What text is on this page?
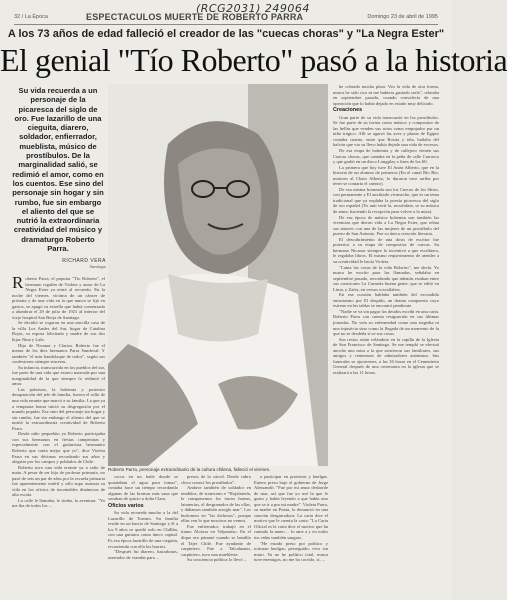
(RCG2031) 249064
32 / La Época	ESPECTACULOS MUERTE DE ROBERTO PARRA	Domingo 23 de abril de 1995
A los 73 años de edad falleció el creador de las "cuecas choras" y "La Negra Ester"
El genial "Tío Roberto" pasó a la historia
Su vida recuerda a un personaje de la picaresca del siglo de oro. Fue lazarillo de una cieguita, diarero, soldador, enfierrador, mueblista, músico de prostíbulos. De la marginalidad salió, se redimió el amor, como en los cuentos. Ese sino del personaje sin hogar y sin rumbo, fue sin embargo el aliento del que se nutrió la extraordinaria creatividad del músico y dramaturgo Roberto Parra.
RICHARD VERA
Santiago

Roberto Parra, el popular "Tío Roberto", el hermano regalón de Violeta y autor de La Negra Ester ya entró al recuerdo. En la noche del viernes, víctima de un cáncer de próstata y de una vida en la que nunca se fijó en gastos, se apagó su estrella que había comenzado a alumbrar el 29 de julio de 1921 al interior del viejo hospital San Borja de Santiago.

Se decidió se rogaron en una sencilla casa de la villa Los Andes del Sur, hogar de Catalina Rojas, su esposa felicitada y madre de sus dos hijas Nina y Lala.

Hijo de Nicanor y Clarisa, Roberto fue el menor de los diez hermanos Parra Sandoval. Y también "el más bandolaque de todos", según sus confesiones siempre sinceras.

Su infancia, transcurrida en los pueblos del sur, fue parte de una vida que estuvo marcada por una marginalidad de la que siempre lo redimió el amor.

Las pobrezas, la bohemia y posterior desaparición del jefe de familia, fueron el sello de una vida errante que marcó a su familia. La que ya a temprana honra inició su disgregación por el mundo popular. Ese sino del personaje sin hogar y sin rumbo, fue sin embargo el aliento del que se nutrió la extraordinaria creatividad de Roberto Parra.

Desde niño pequeñito ya Roberto participaba con sus hermanos en fiestas campesinas y especialmente con el guitarrista hermanito Roberto que canta mejor que yo", dice Violeta Parra en sus décimas recordando sus años y alegrías por los campos y poblados de Chile.

Roberto tuvo una vida errante ya a salto de mata. A pesar de ser hijo de profesor primario, no pasó de seis un par de años por la escuela primaria fue aparentemente estéril y sólo supo avanzar su vida en los oficios de incontables dinámicas de alta escala.

La calle le llamaba, le tiraba, la aventura. "Yo me iba de todos los ...

Roberto Parra, personaje extraordinario de la cultura chilena, falleció el viernes.

cocos en un baile donde se quardaban el agua para tomar", contaba hace un tiempo recordando algunas de las bromas más sana que sacaban de quicio a doña Clara.

Oficios varios

Su vida recuerda mucho a la del Lazarillo de Tormes. Su familia reside en un barrio de Santiago y él a los 9 años se quedó solo en Chillán, con una guitarra como único capital. Es esa época lazarillo de una cieguita, recorriendo con ella los barrios.

"Después fui diarero, lustrabotas, aserrador de viandas para ...

presos de la cárcel. Desde cabro chico conocí los prostíbulos".

Anduve también de soldador en tendidos, de tranviario e "Hojalatería, le componemos los tarros bateas, latonerías, el desgranador de las ollas, y dábamos también arreglo mar". Los burloneos en "las dichosas", porque ellas ven lo que nosotros no vemos.

Fue enfierrador, trabajó en el tramo Alcázar en Valparaíso. En el dique era páramó cuando se bandilo el Tajer Chile. Fue ayudante de carpintero. Fue a Talcahuano, carpintero, tuvo una muebleria.

Su conciencia política lo llevó ...

a participar en protestas y huelgas. Entero preso bajo el gobierno de Jorge Alessandri. "Fue por mi amor desborde de mar, así que fue yo usé la que le gusto y había leyendo a que había uno que se ir a por mi madre". Violeta Parra, su madre en Punta, lo denunció en una canción desgarradora: La carta dice el motivo que le cuenta la carta: "La Carta Oficial es la carta dice el motivo que ha cantado la mano ... lo ame a y en todos tus vidas también sangras.

"He estado preso por político y torturan huelgas, perseguido; vivo sin muro. Ya no he político total, nunca tuve enemigos, no me ha corrido, sí, ...

he cobrado mucha plata. Veo la vida de otra forma, nunca he sido rico ni me hubiera gustado serlo", relataba en septiembre pasado, cuando convalecía de una operación que lo había dejado en estado muy delicado.

Creaciones

Gran parte de su vida transcurrió en los prostíbulos. Se fue parte de su forma como músico y compositor de las bellas que venden sus actos como empujador por un niño trágico. Allí se agarró las aves y plazas de Egipto contaba cuanto, entre que Rosita y tela, bailaba del balcón que vio su llevo había dejado una vida de excesos.

De esa etapa de bohemia y de callejero vienen sus Cuecas choras, que cantaba en la peña de calle Carrasco y que grabó en un disco Longplay a fines de los 60.

La primera que hoy tuve El Anón Alberto, que en la historia de un alumno de primeros (En el canal Río Río, motores al Chato Alberto, lo duraron tuve arriba por tener se contaría el cuento).

De esa misma horneada son los Cuecas de los Sítios, con permanente y El auxiliado vivanacho, que es un tema tradicional que ya explaba la poesía picaresca del siglo de oro español (Yo anti vertí la, recuérdate, se su música de amor, haciendo la recepción para volver a la misa).

De esa época de música bohemia son también las vivencias que dieron vida a La Negra Ester, que relata sus amores con una de las mujeres de un prostíbulo del puerto de San Antonio. Fue su única creación literaria.

El descubrimiento de una dosis de escritor fue posterior a su etapa de compositor de cuecas. Su hermano Nicanor siempre lo incentivó a que escribiera, le regalaba libros. El mismo requerimiento de atender a su creatividad le hacía Violeta.

"Canta las cosas de la vida Roberto", me decía. Yo nunca he escrito para las llamadas, señalaba en septiembre pasado, recordando que además estaban entre sus creaciones La Carmela buena gente, que se editó en Lima, y Zafra, en versos octosílabos.

En esa ocasión hablaba también del escondido entusiasmo por El despido, un drama compuesto cuyo estreno en las tablas se encontró pendiente.

"Nadie se va sin pagar los deudos escribí en una carta. Roberto Parra con cuenta resignación en sus últimas jornadas. No veía su enfermedad como una tragedia ni una injusticia sino como la llegada de un momento de la que no se desdeña si se sus cosas.

Sus restos están velándose en la capilla de la Iglesia de San Francisco de Santiago. Se me templó se efectuó anoche una misa a la que asistieron sus familiares, sus amigos y centenares de admiradores anónimos. Sus funerales se ajoravenes, a las 16 horas en el Cementerio General después de una ceremonia en la iglesia que se realizará a las 11 horas.
